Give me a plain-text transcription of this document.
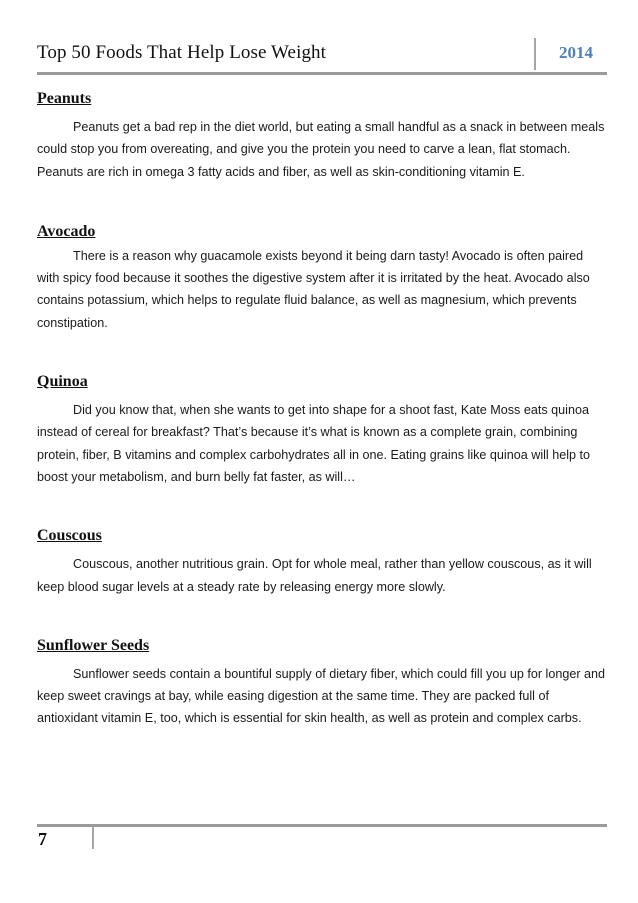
Top 50 Foods That Help Lose Weight	2014
Peanuts

Peanuts get a bad rep in the diet world, but eating a small handful as a snack in between meals could stop you from overeating, and give you the protein you need to carve a lean, flat stomach. Peanuts are rich in omega 3 fatty acids and fiber, as well as skin-conditioning vitamin E.

Avocado

There is a reason why guacamole exists beyond it being darn tasty! Avocado is often paired with spicy food because it soothes the digestive system after it is irritated by the heat. Avocado also contains potassium, which helps to regulate fluid balance, as well as magnesium, which prevents constipation.

Quinoa

Did you know that, when she wants to get into shape for a shoot fast, Kate Moss eats quinoa instead of cereal for breakfast? That’s because it’s what is known as a complete grain, combining protein, fiber, B vitamins and complex carbohydrates all in one. Eating grains like quinoa will help to boost your metabolism, and burn belly fat faster, as will…

Couscous

Couscous, another nutritious grain. Opt for whole meal, rather than yellow couscous, as it will keep blood sugar levels at a steady rate by releasing energy more slowly.

Sunflower Seeds

Sunflower seeds contain a bountiful supply of dietary fiber, which could fill you up for longer and keep sweet cravings at bay, while easing digestion at the same time. They are packed full of antioxidant vitamin E, too, which is essential for skin health, as well as protein and complex carbs.

7
